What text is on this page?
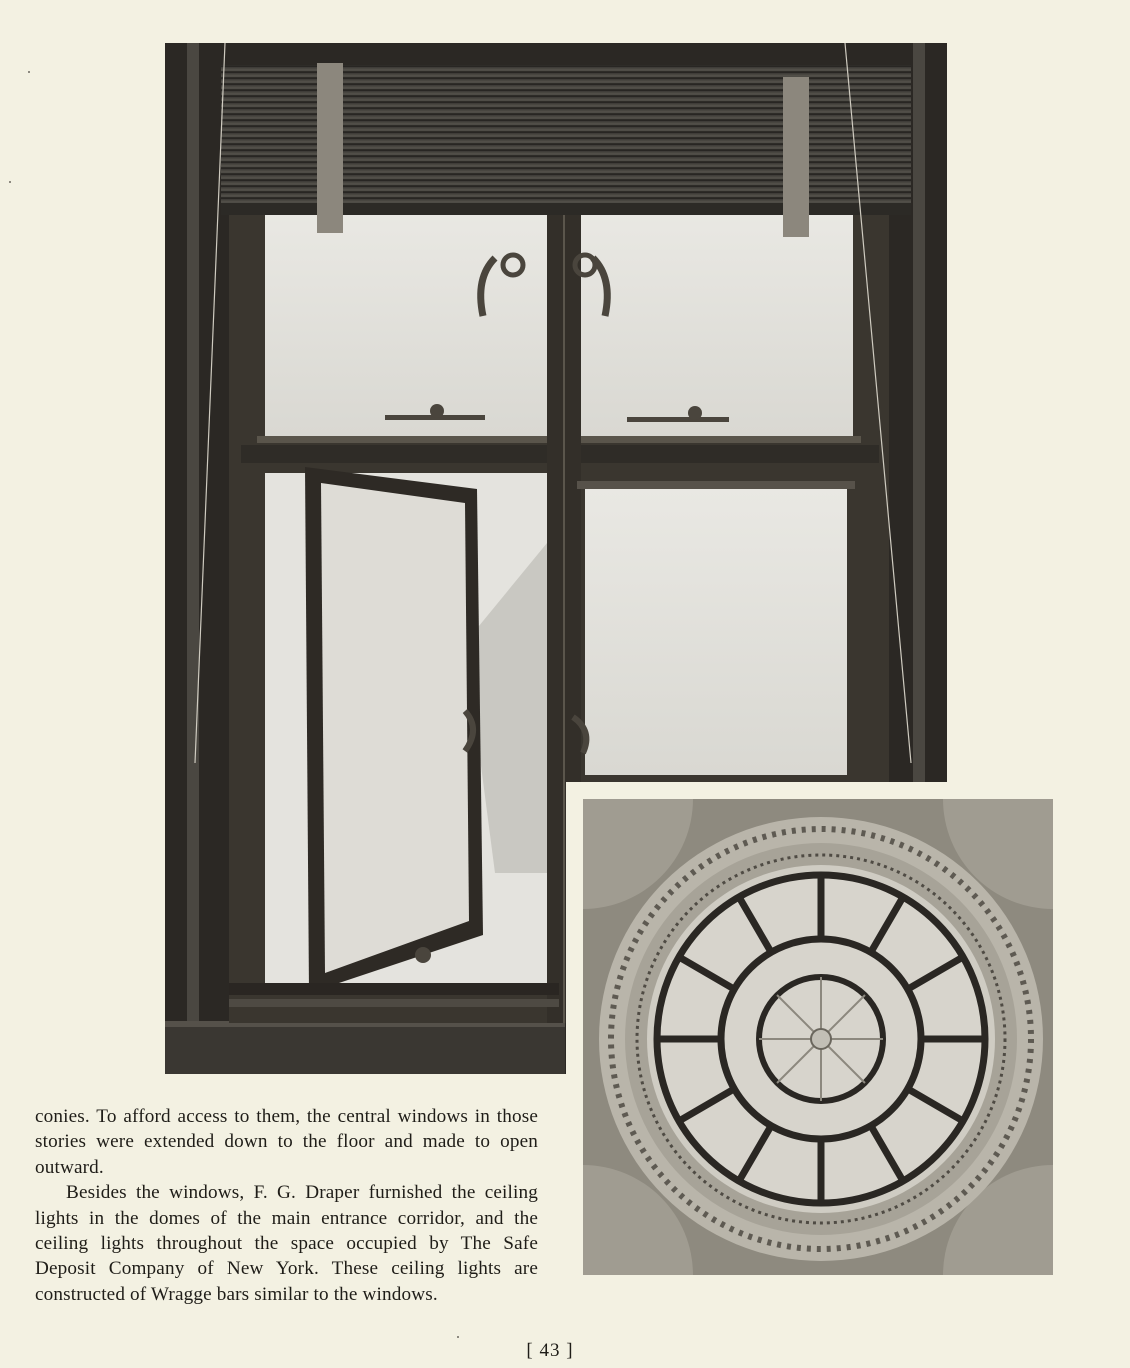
conies. To afford access to them, the central windows in those stories were extended down to the floor and made to open outward.

Besides the windows, F. G. Draper furnished the ceiling lights in the domes of the main entrance corridor, and the ceiling lights throughout the space occupied by The Safe Deposit Company of New York. These ceiling lights are constructed of Wragge bars similar to the windows.

[ 43 ]
